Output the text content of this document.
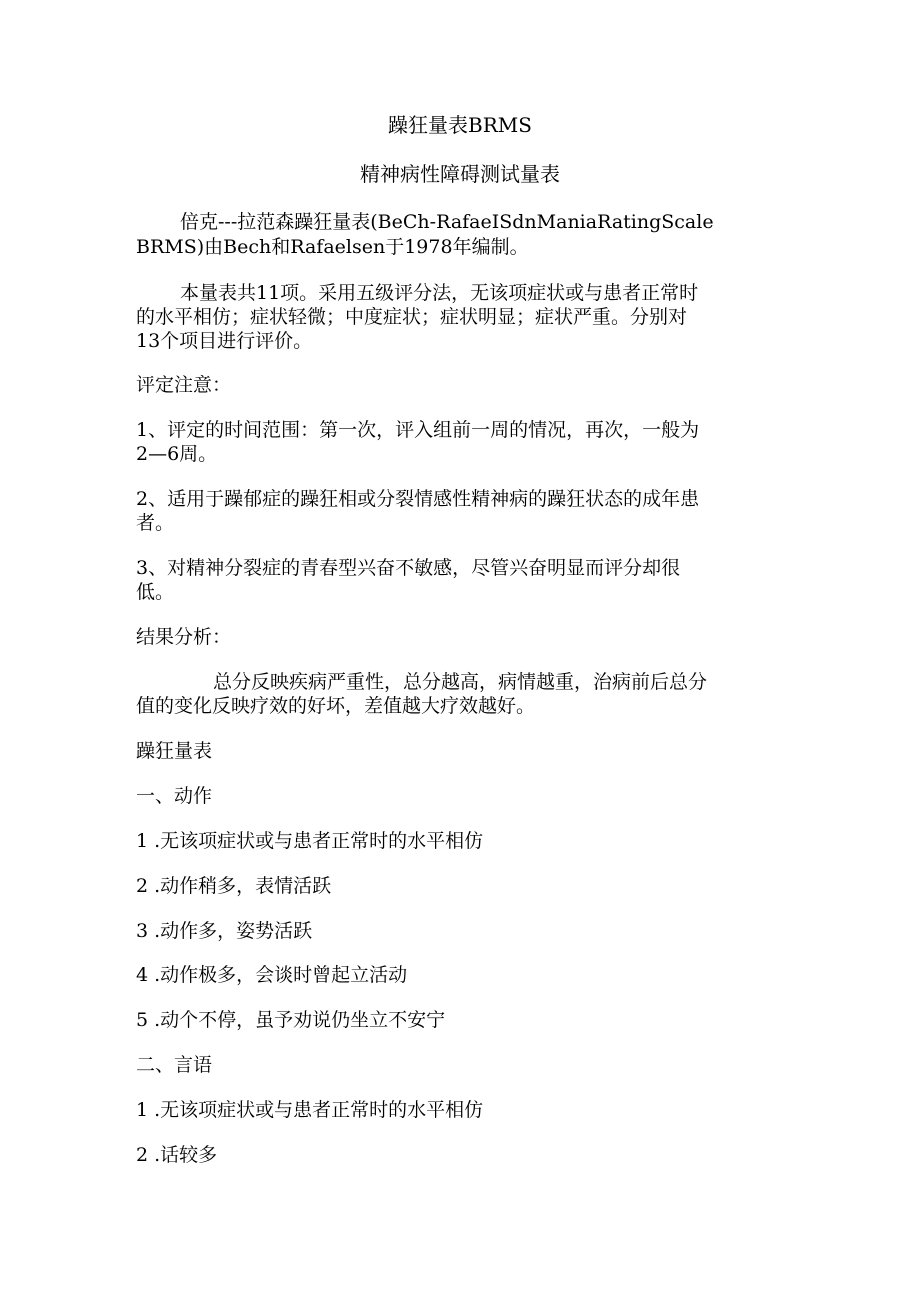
躁狂量表BRMS
精神病性障碍测试量表
倍克---拉范森躁狂量表(BeCh-RafaeISdnManiaRatingScale
BRMS)由Bech和Rafaelsen于1978年编制。
本量表共11项。采用五级评分法，无该项症状或与患者正常时
的水平相仿；症状轻微；中度症状；症状明显；症状严重。分别对
13个项目进行评价。
评定注意：
1、评定的时间范围：第一次，评入组前一周的情况，再次，一般为
2—6周。
2、适用于躁郁症的躁狂相或分裂情感性精神病的躁狂状态的成年患
者。
3、对精神分裂症的青春型兴奋不敏感，尽管兴奋明显而评分却很
低。
结果分析：
总分反映疾病严重性，总分越高，病情越重，治病前后总分
值的变化反映疗效的好坏，差值越大疗效越好。
躁狂量表
一、动作
1 .无该项症状或与患者正常时的水平相仿
2 .动作稍多，表情活跃
3 .动作多，姿势活跃
4 .动作极多，会谈时曾起立活动
5 .动个不停，虽予劝说仍坐立不安宁
二、言语
1 .无该项症状或与患者正常时的水平相仿
2 .话较多
